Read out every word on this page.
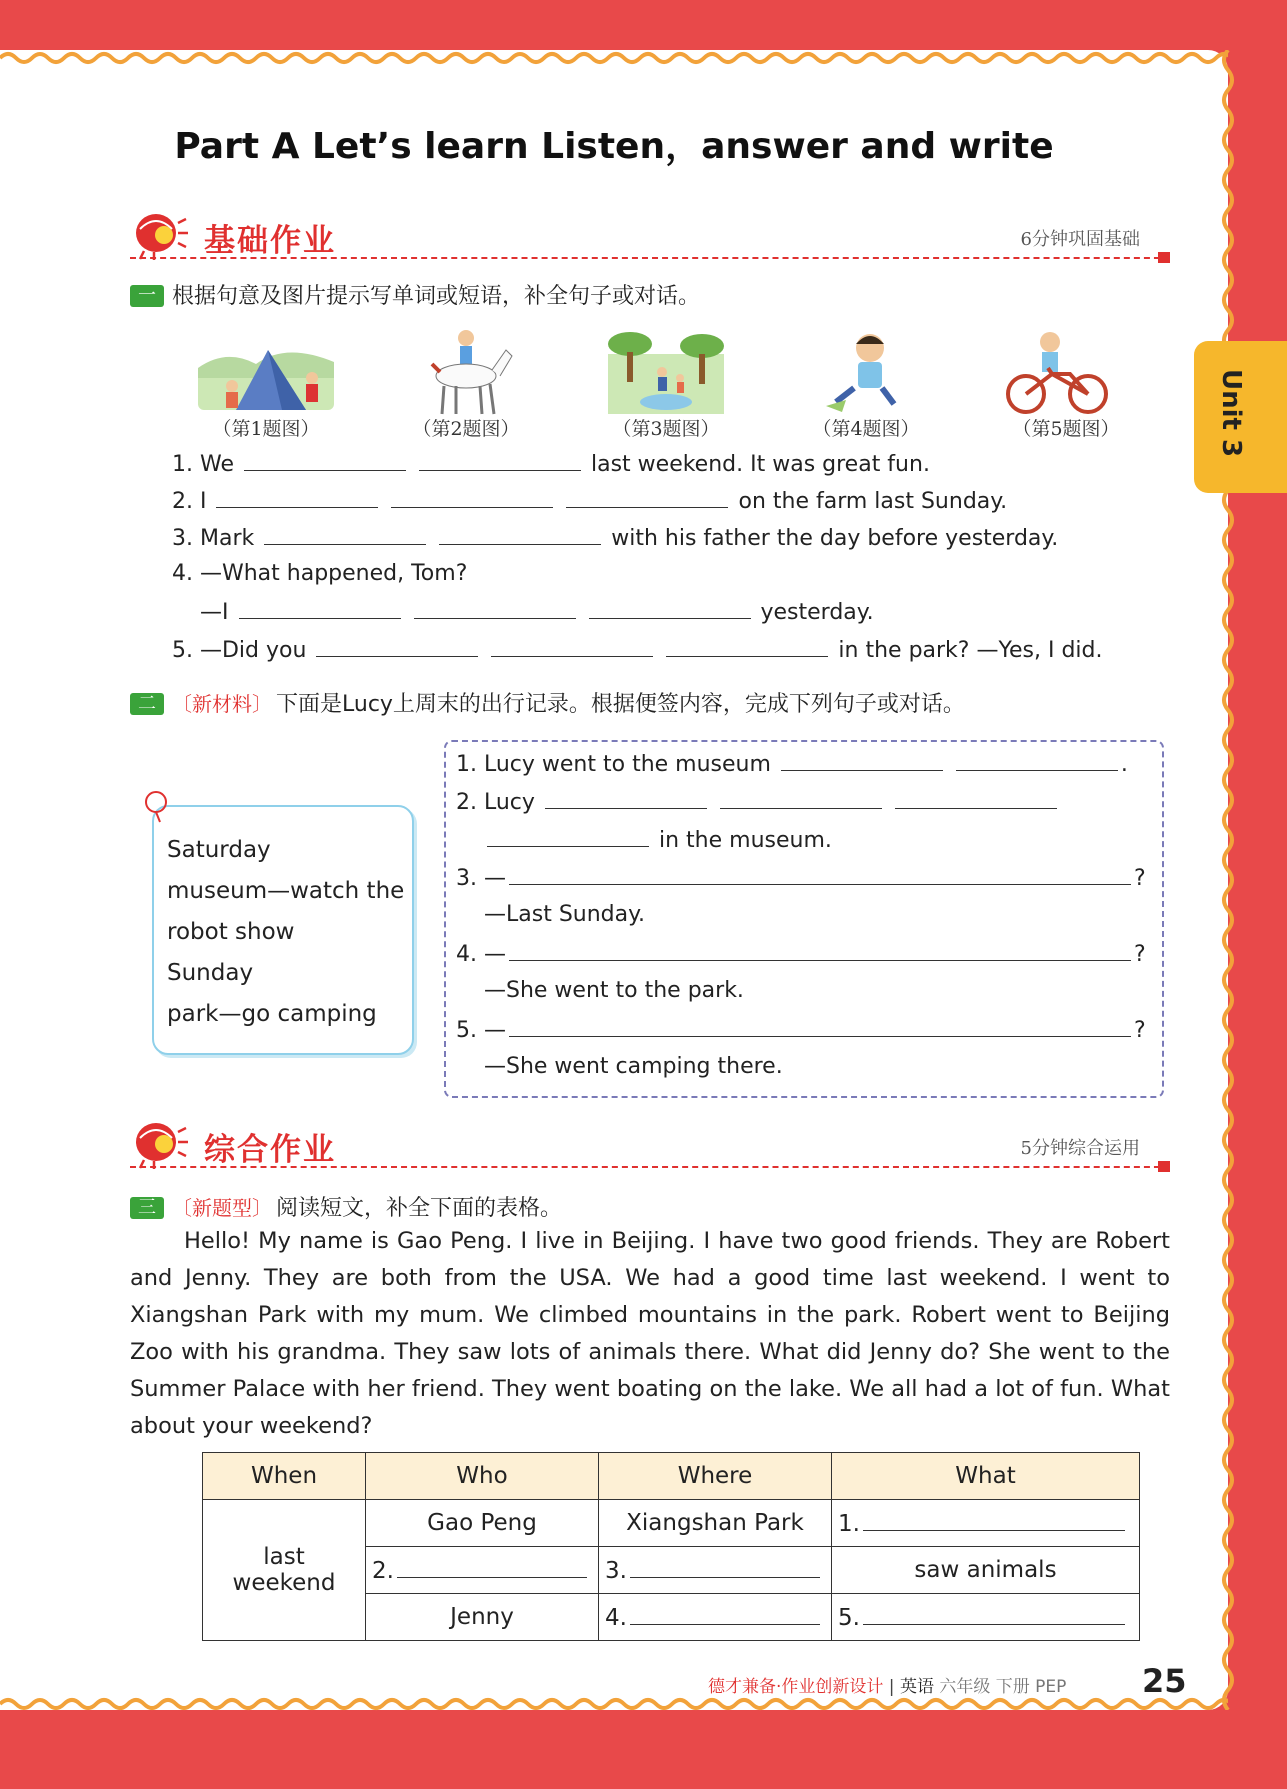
Unit 3
Part A Let’s learn Listen，answer and write
基础作业	6分钟巩固基础
一 根据句意及图片提示写单词或短语，补全句子或对话。
（第1题图）	（第2题图）	（第3题图）	（第4题图）	（第5题图）
1. We	last weekend. It was great fun.
2. I	on the farm last Sunday.
3. Mark	with his father the day before yesterday.
4. —What happened, Tom?
—I	yesterday.
5. —Did you	in the park? —Yes, I did.
二 〔新材料〕 下面是Lucy上周末的出行记录。根据便签内容，完成下列句子或对话。
Saturday
museum—watch the
robot show
Sunday
park—go camping
1. Lucy went to the museum	.
2. Lucy
in the museum.
3. —	?
—Last Sunday.
4. —	?
—She went to the park.
5. —	?
—She went camping there.
综合作业	5分钟综合运用
三 〔新题型〕 阅读短文，补全下面的表格。
Hello! My name is Gao Peng. I live in Beijing. I have two good friends. They are Robert and Jenny. They are both from the USA. We had a good time last weekend. I went to Xiangshan Park with my mum. We climbed mountains in the park. Robert went to Beijing Zoo with his grandma. They saw lots of animals there. What did Jenny do? She went to the Summer Palace with her friend. They went boating on the lake. We all had a lot of fun. What about your weekend?
When	Who	Where	What
last weekend	Gao Peng	Xiangshan Park	1.
	2.	3.	saw animals
	Jenny	4.	5.
德才兼备·作业创新设计 | 英语 六年级 下册 PEP 25
